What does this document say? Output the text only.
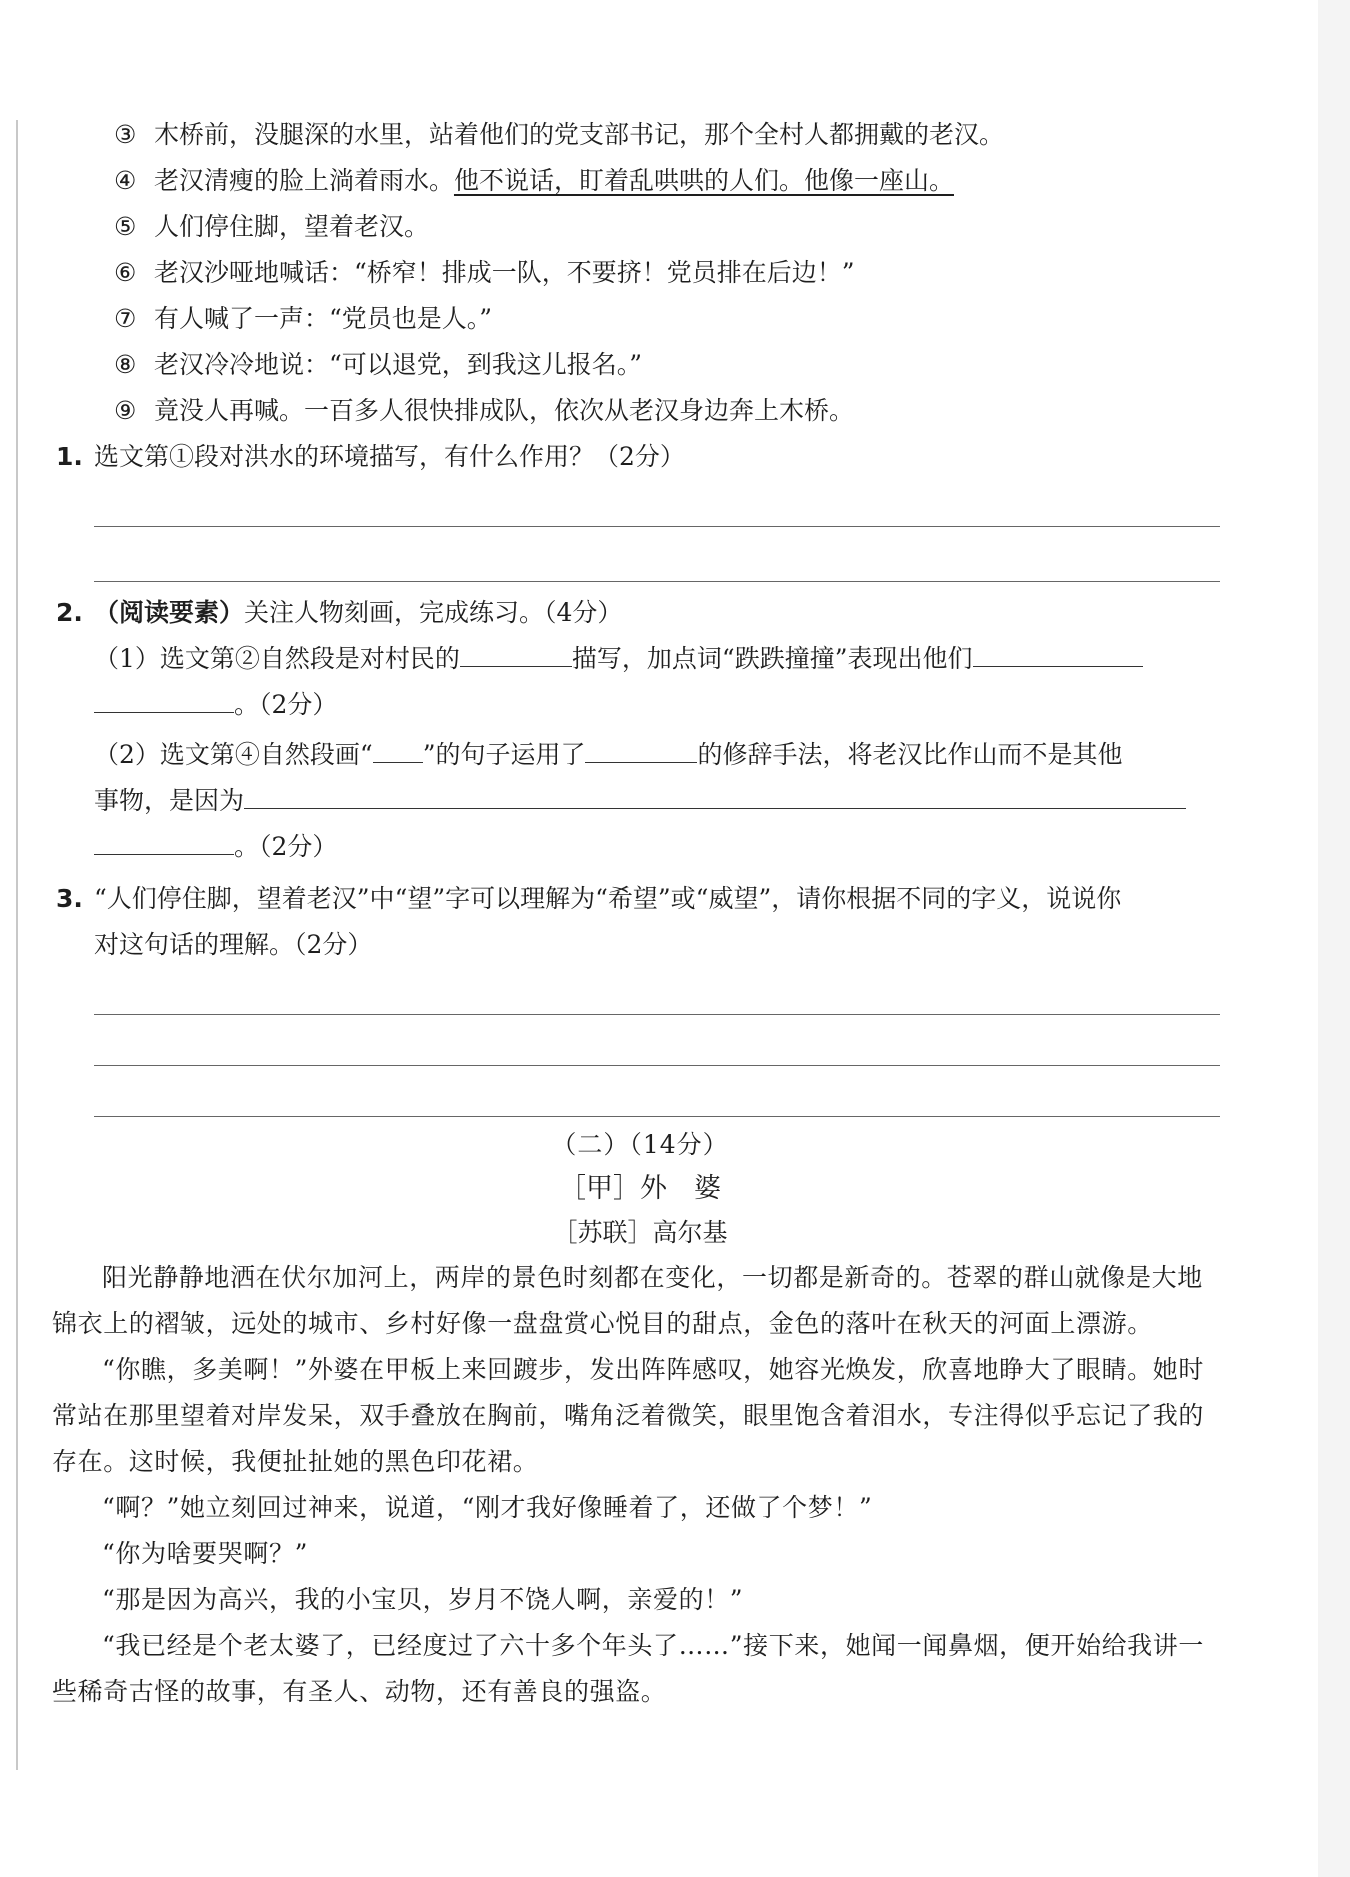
③ 木桥前，没腿深的水里，站着他们的党支部书记，那个全村人都拥戴的老汉。
④ 老汉清瘦的脸上淌着雨水。他不说话，盯着乱哄哄的人们。他像一座山。
⑤ 人们停住脚，望着老汉。
⑥ 老汉沙哑地喊话：“桥窄！排成一队，不要挤！党员排在后边！”
⑦ 有人喊了一声：“党员也是人。”
⑧ 老汉冷冷地说：“可以退党，到我这儿报名。”
⑨ 竟没人再喊。一百多人很快排成队，依次从老汉身边奔上木桥。
1. 选文第①段对洪水的环境描写，有什么作用？（2分）
2. （阅读要素）关注人物刻画，完成练习。（4分）
（1）选文第②自然段是对村民的	描写，加点词“跌跌撞撞”表现出他们
。（2分）
（2）选文第④自然段画“ ”的句子运用了	的修辞手法，将老汉比作山而不是其他
事物，是因为
。（2分）
3. “人们停住脚，望着老汉”中“望”字可以理解为“希望”或“威望”，请你根据不同的字义，说说你
对这句话的理解。（2分）
（二）（14分）
［甲］外　婆
［苏联］高尔基
阳光静静地洒在伏尔加河上，两岸的景色时刻都在变化，一切都是新奇的。苍翠的群山就像是大地锦衣上的褶皱，远处的城市、乡村好像一盘盘赏心悦目的甜点，金色的落叶在秋天的河面上漂游。
“你瞧，多美啊！”外婆在甲板上来回踱步，发出阵阵感叹，她容光焕发，欣喜地睁大了眼睛。她时常站在那里望着对岸发呆，双手叠放在胸前，嘴角泛着微笑，眼里饱含着泪水，专注得似乎忘记了我的存在。这时候，我便扯扯她的黑色印花裙。
“啊？”她立刻回过神来，说道，“刚才我好像睡着了，还做了个梦！”
“你为啥要哭啊？”
“那是因为高兴，我的小宝贝，岁月不饶人啊，亲爱的！”
“我已经是个老太婆了，已经度过了六十多个年头了……”接下来，她闻一闻鼻烟，便开始给我讲一些稀奇古怪的故事，有圣人、动物，还有善良的强盗。
